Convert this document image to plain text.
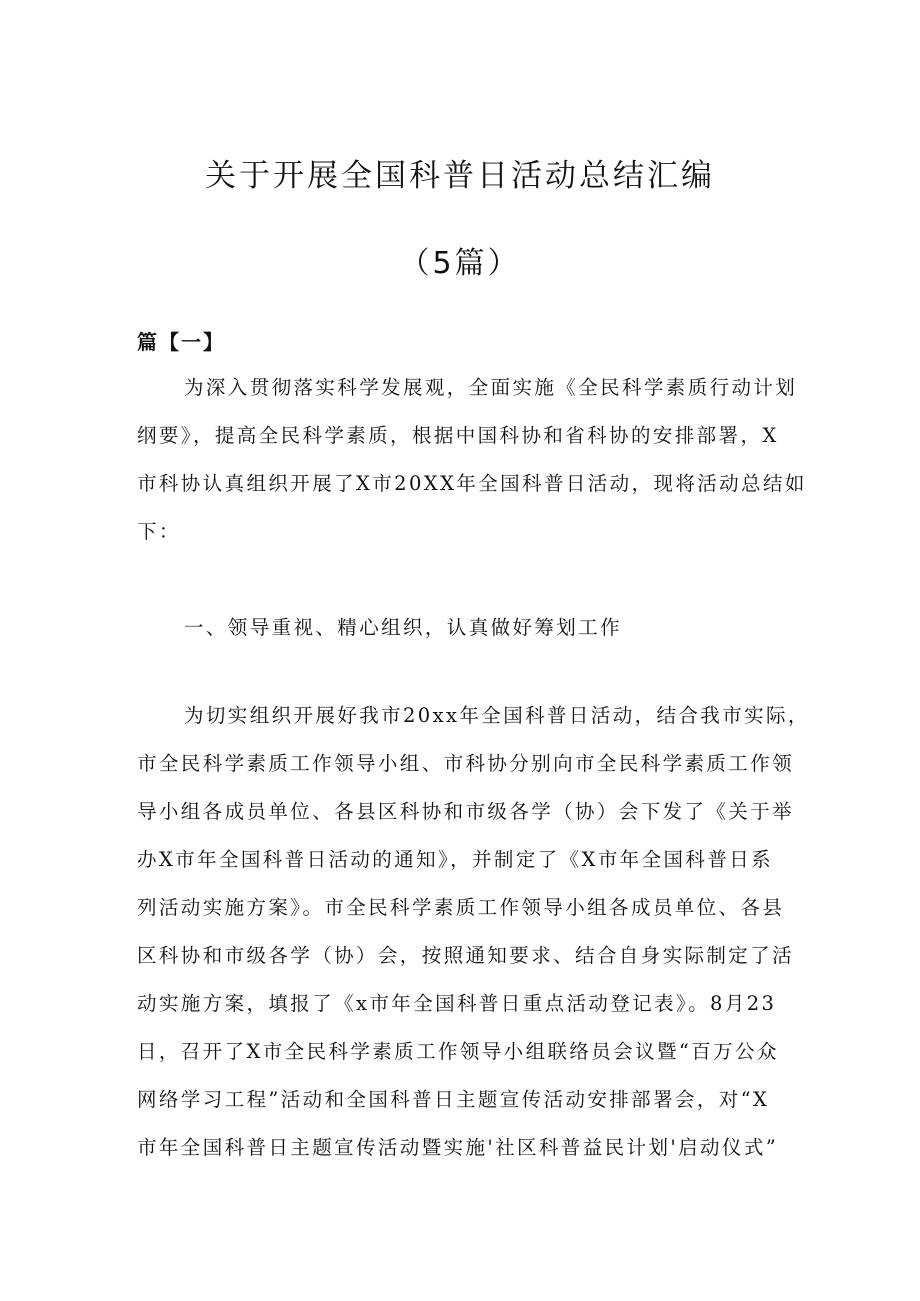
关于开展全国科普日活动总结汇编
（5篇）
篇【一】
为深入贯彻落实科学发展观，全面实施《全民科学素质行动计划
纲要》，提高全民科学素质，根据中国科协和省科协的安排部署，X
市科协认真组织开展了X市20XX年全国科普日活动，现将活动总结如
下：
一、领导重视、精心组织，认真做好筹划工作
为切实组织开展好我市20xx年全国科普日活动，结合我市实际，
市全民科学素质工作领导小组、市科协分别向市全民科学素质工作领
导小组各成员单位、各县区科协和市级各学（协）会下发了《关于举
办X市年全国科普日活动的通知》，并制定了《X市年全国科普日系
列活动实施方案》。市全民科学素质工作领导小组各成员单位、各县
区科协和市级各学（协）会，按照通知要求、结合自身实际制定了活
动实施方案，填报了《x市年全国科普日重点活动登记表》。8月23
日，召开了X市全民科学素质工作领导小组联络员会议暨“百万公众
网络学习工程”活动和全国科普日主题宣传活动安排部署会，对“X
市年全国科普日主题宣传活动暨实施'社区科普益民计划'启动仪式”
